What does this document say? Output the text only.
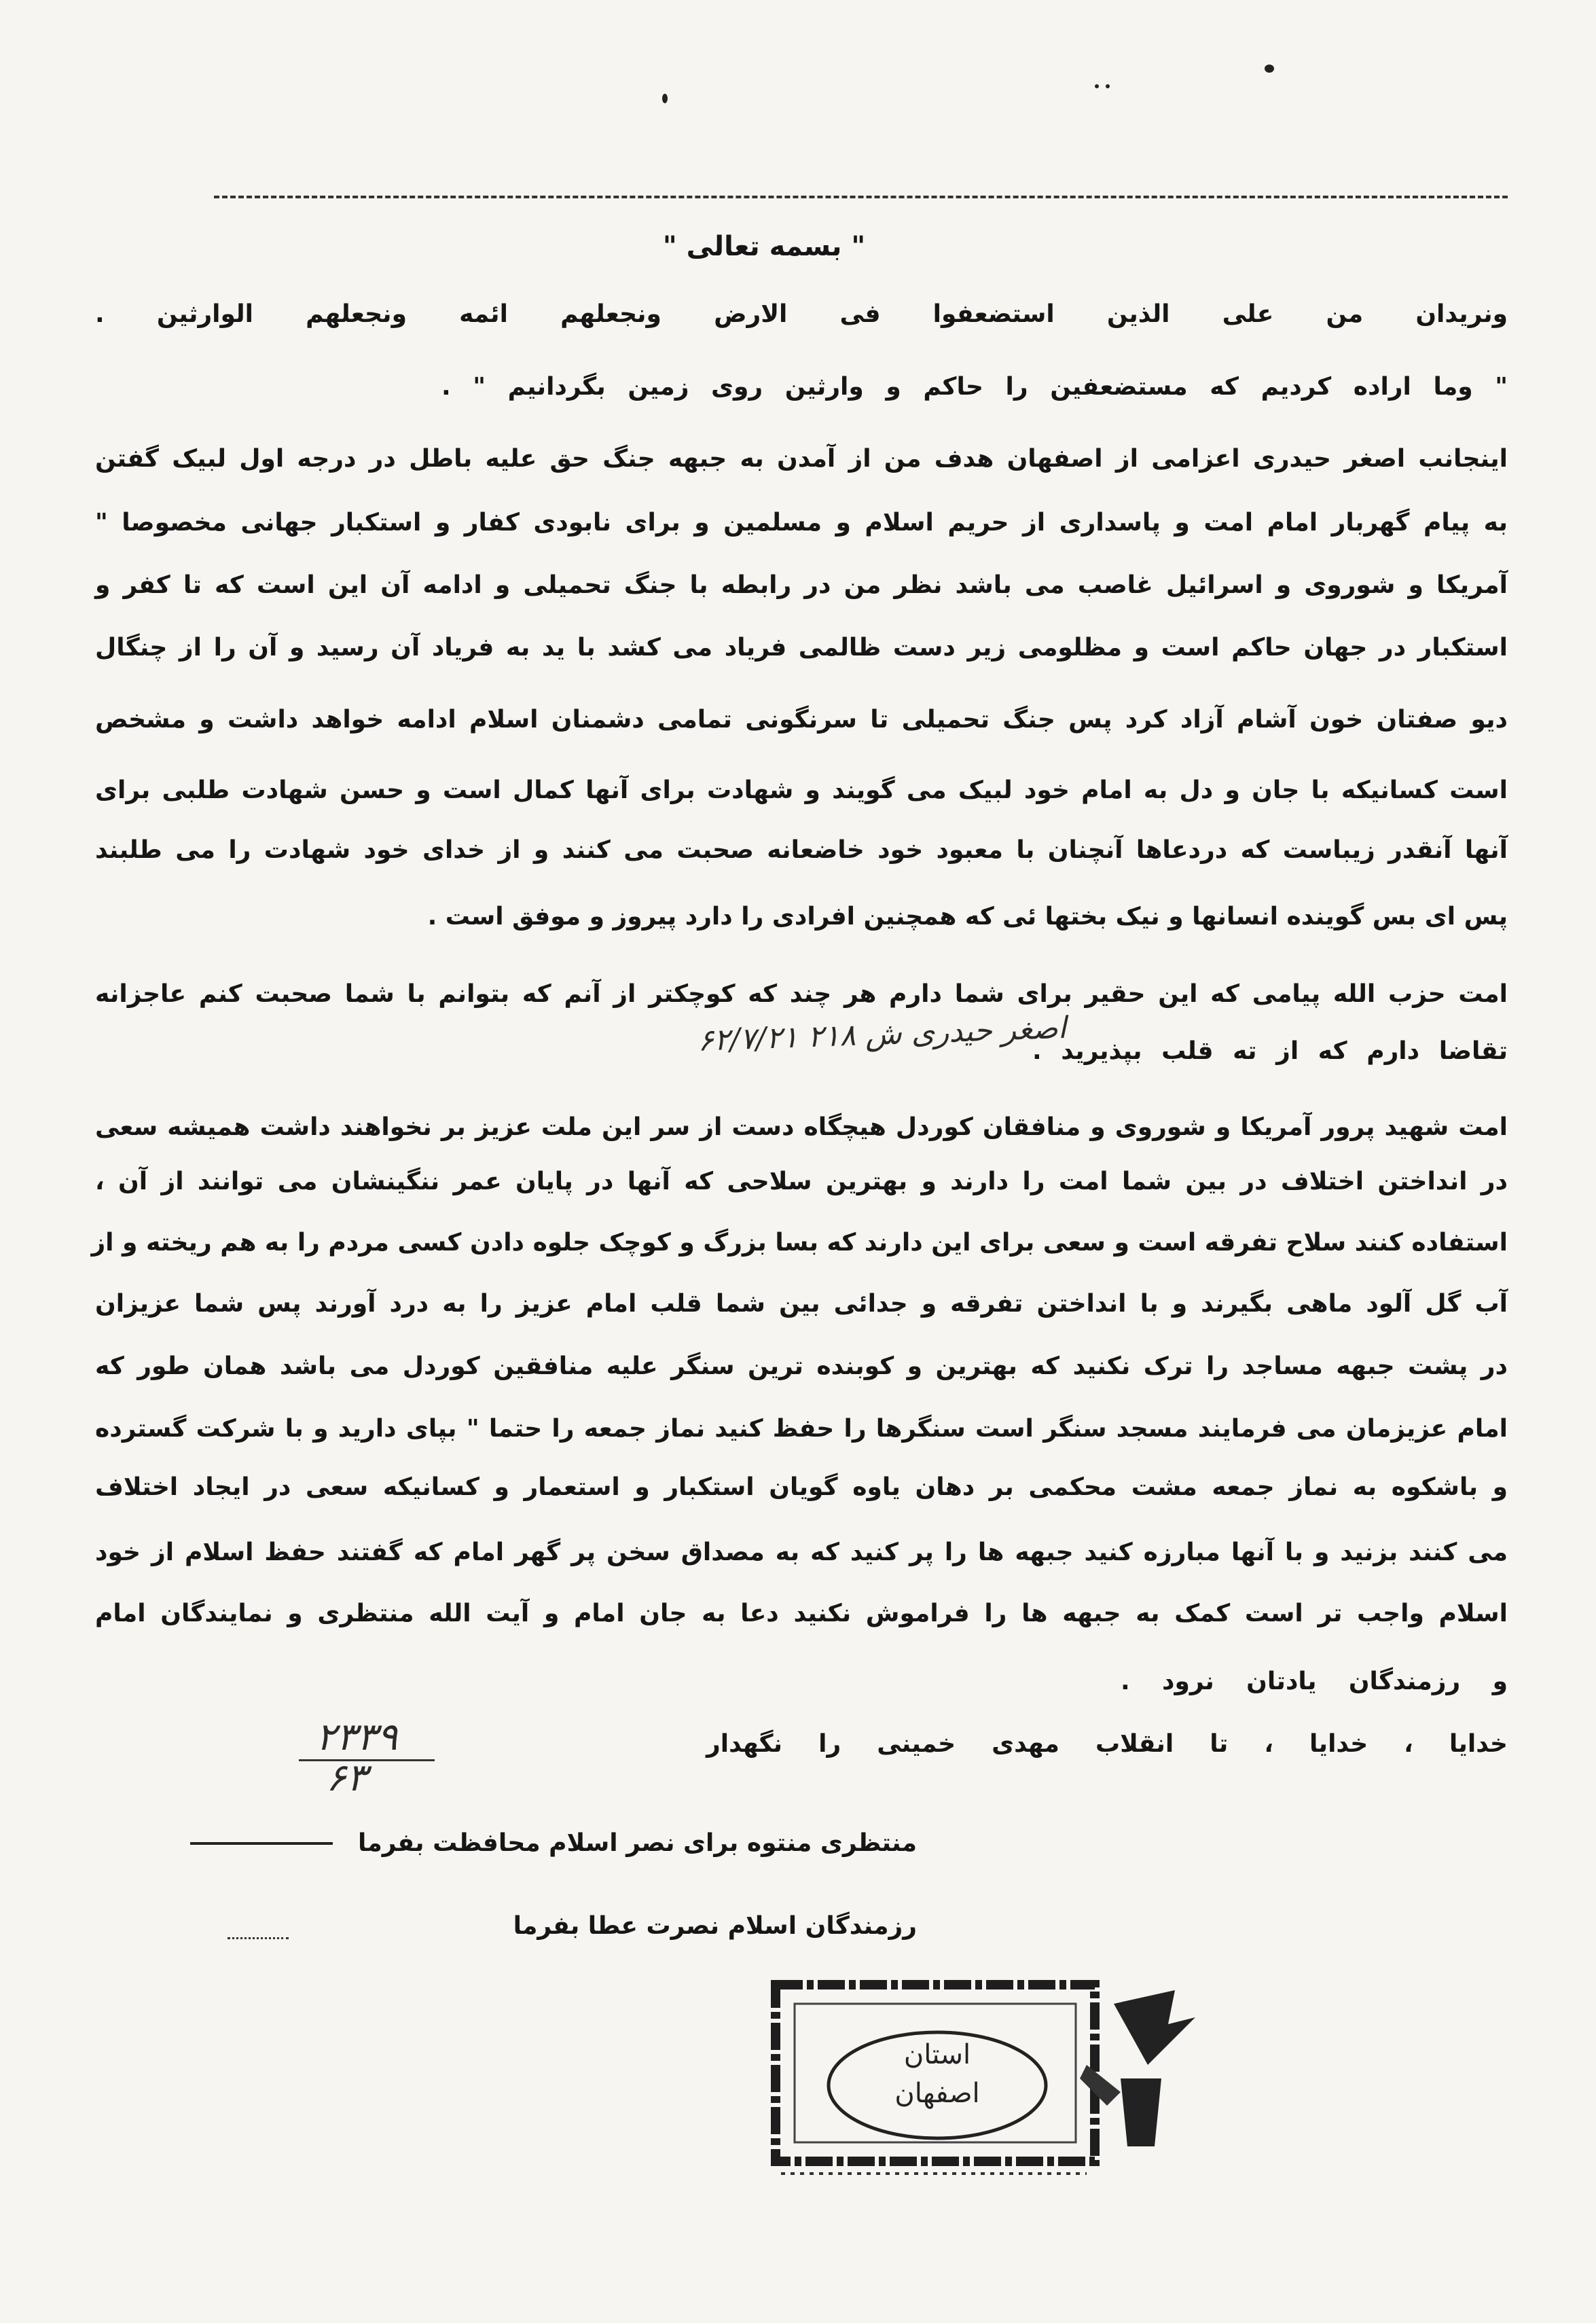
" بسمه تعالی "
ونریدان من علی الذین استضعفوا فی الارض ونجعلهم ائمه ونجعلهم الوارثین .
" وما اراده کردیم که مستضعفین را حاکم و وارثین روی زمین بگردانیم " .
اینجانب اصغر حیدری اعزامی از اصفهان هدف من از آمدن به جبهه جنگ حق علیه باطل در درجه اول لبیک گفتن
به پیام گهربار امام امت و پاسداری از حریم اسلام و مسلمین و برای نابودی کفار و استکبار جهانی مخصوصا "
آمریکا و شوروی و اسرائیل غاصب می باشد نظر من در رابطه با جنگ تحمیلی و ادامه آن این است که تا کفر و
استکبار در جهان حاکم است و مظلومی زیر دست ظالمی فریاد می کشد با ید به فریاد آن رسید و آن را از چنگال
دیو صفتان خون آشام آزاد کرد پس جنگ تحمیلی تا سرنگونی تمامی دشمنان اسلام ادامه خواهد داشت و مشخص
است کسانیکه با جان و دل به امام خود لبیک می گویند و شهادت برای آنها کمال است و حسن شهادت طلبی برای
آنها آنقدر زیباست که دردعاها آنچنان با معبود خود خاضعانه صحبت می کنند و از خدای خود شهادت را می طلبند
پس ای بس گوینده انسانها و نیک بختها ئی که همچنین افرادی را دارد پیروز و موفق است .
امت حزب الله پیامی که این حقیر برای شما دارم هر چند که کوچکتر از آنم که بتوانم با شما صحبت کنم عاجزانه
تقاضا دارم که از ته قلب بپذیرید .
اصغر حیدری ش ۲۱۸ ۶۲/۷/۲۱
امت شهید پرور آمریکا و شوروی و منافقان کوردل هیچگاه دست از سر این ملت عزیز بر نخواهند داشت همیشه سعی
در انداختن اختلاف در بین شما امت را دارند و بهترین سلاحی که آنها در پایان عمر ننگینشان می توانند از آن ،
استفاده کنند سلاح تفرقه است و سعی برای این دارند که بسا بزرگ و کوچک جلوه دادن کسی مردم را به هم ریخته و از
آب گل آلود ماهی بگیرند و با انداختن تفرقه و جدائی بین شما قلب امام عزیز را به درد آورند پس شما عزیزان
در پشت جبهه مساجد را ترک نکنید که بهترین و کوبنده ترین سنگر علیه منافقین کوردل می باشد همان طور که
امام عزیزمان می فرمایند مسجد سنگر است سنگرها را حفظ کنید نماز جمعه را حتما " بپای دارید و با شرکت گسترده
و باشکوه به نماز جمعه مشت محکمی بر دهان یاوه گویان استکبار و استعمار و کسانیکه سعی در ایجاد اختلاف
می کنند بزنید و با آنها مبارزه کنید جبهه ها را پر کنید که به مصداق سخن پر گهر امام که گفتند حفظ اسلام از خود
اسلام واجب تر است کمک به جبهه ها را فراموش نکنید دعا به جان امام و آیت الله منتظری و نمایندگان امام
و رزمندگان یادتان نرود .
۲۳۳۹
۶۳
خدایا ، خدایا ، تا انقلاب مهدی خمینی را نگهدار
منتظری منتوه برای نصر اسلام محافظت بفرما
رزمندگان اسلام نصرت عطا بفرما
استان
اصفهان
